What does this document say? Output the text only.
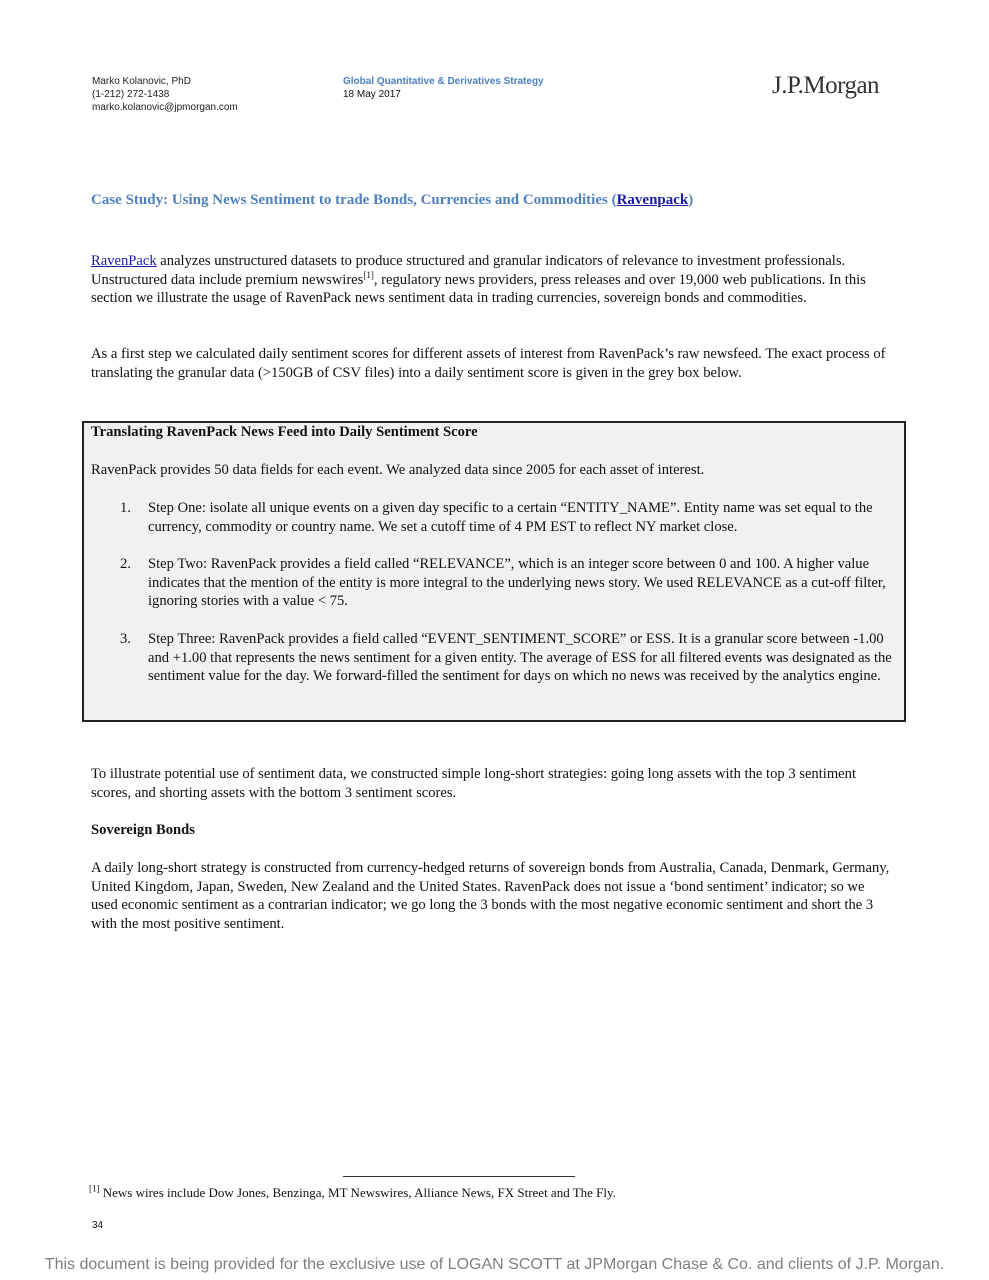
Marko Kolanovic, PhD
(1-212) 272-1438
marko.kolanovic@jpmorgan.com
Global Quantitative & Derivatives Strategy
18 May 2017	J.P.Morgan
Case Study: Using News Sentiment to trade Bonds, Currencies and Commodities (Ravenpack)
RavenPack analyzes unstructured datasets to produce structured and granular indicators of relevance to investment professionals. Unstructured data include premium newswires[1], regulatory news providers, press releases and over 19,000 web publications. In this section we illustrate the usage of RavenPack news sentiment data in trading currencies, sovereign bonds and commodities.
As a first step we calculated daily sentiment scores for different assets of interest from RavenPack’s raw newsfeed. The exact process of translating the granular data (>150GB of CSV files) into a daily sentiment score is given in the grey box below.
Translating RavenPack News Feed into Daily Sentiment Score
RavenPack provides 50 data fields for each event. We analyzed data since 2005 for each asset of interest.
1. Step One: isolate all unique events on a given day specific to a certain “ENTITY_NAME”. Entity name was set equal to the currency, commodity or country name. We set a cutoff time of 4 PM EST to reflect NY market close.
2. Step Two: RavenPack provides a field called “RELEVANCE”, which is an integer score between 0 and 100. A higher value indicates that the mention of the entity is more integral to the underlying news story. We used RELEVANCE as a cut-off filter, ignoring stories with a value < 75.
3. Step Three: RavenPack provides a field called “EVENT_SENTIMENT_SCORE” or ESS. It is a granular score between -1.00 and +1.00 that represents the news sentiment for a given entity. The average of ESS for all filtered events was designated as the sentiment value for the day. We forward-filled the sentiment for days on which no news was received by the analytics engine.
To illustrate potential use of sentiment data, we constructed simple long-short strategies: going long assets with the top 3 sentiment scores, and shorting assets with the bottom 3 sentiment scores.
Sovereign Bonds
A daily long-short strategy is constructed from currency-hedged returns of sovereign bonds from Australia, Canada, Denmark, Germany, United Kingdom, Japan, Sweden, New Zealand and the United States. RavenPack does not issue a ‘bond sentiment’ indicator; so we used economic sentiment as a contrarian indicator; we go long the 3 bonds with the most negative economic sentiment and short the 3 with the most positive sentiment.
[1] News wires include Dow Jones, Benzinga, MT Newswires, Alliance News, FX Street and The Fly.
34
This document is being provided for the exclusive use of LOGAN SCOTT at JPMorgan Chase & Co. and clients of J.P. Morgan.
